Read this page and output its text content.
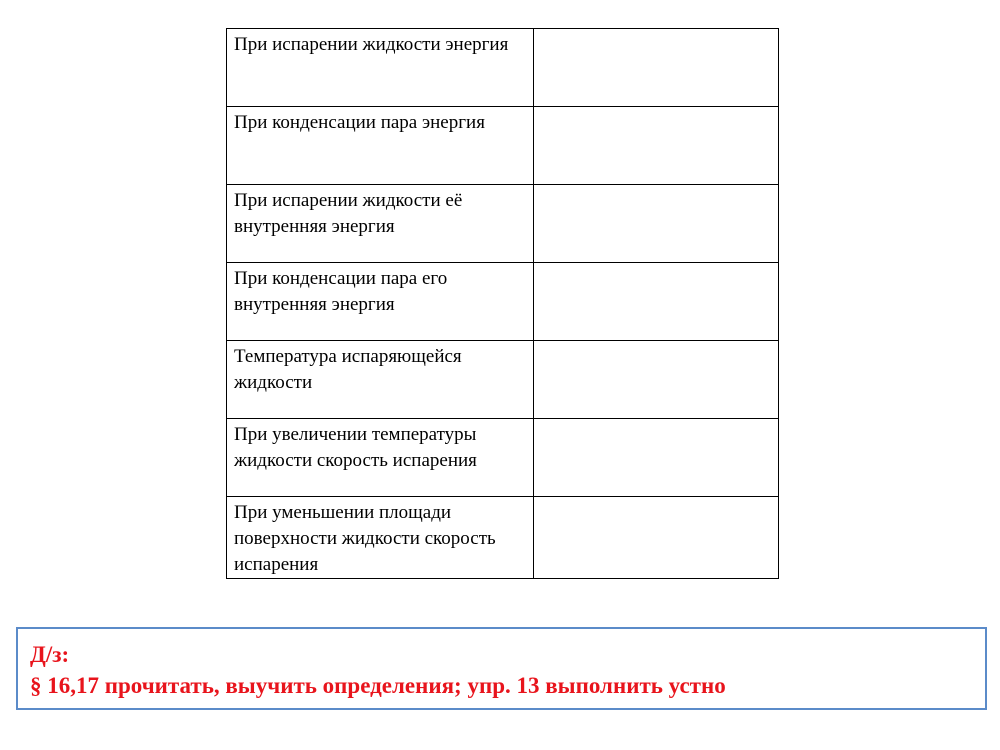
При испарении жидкости энергия	
При конденсации пара энергия	
При испарении жидкости её внутренняя энергия	
При конденсации пара его внутренняя энергия	
Температура испаряющейся жидкости	
При увеличении температуры жидкости скорость испарения	
При уменьшении площади поверхности жидкости скорость испарения	
Д/з:
§ 16,17 прочитать, выучить определения; упр. 13 выполнить устно
